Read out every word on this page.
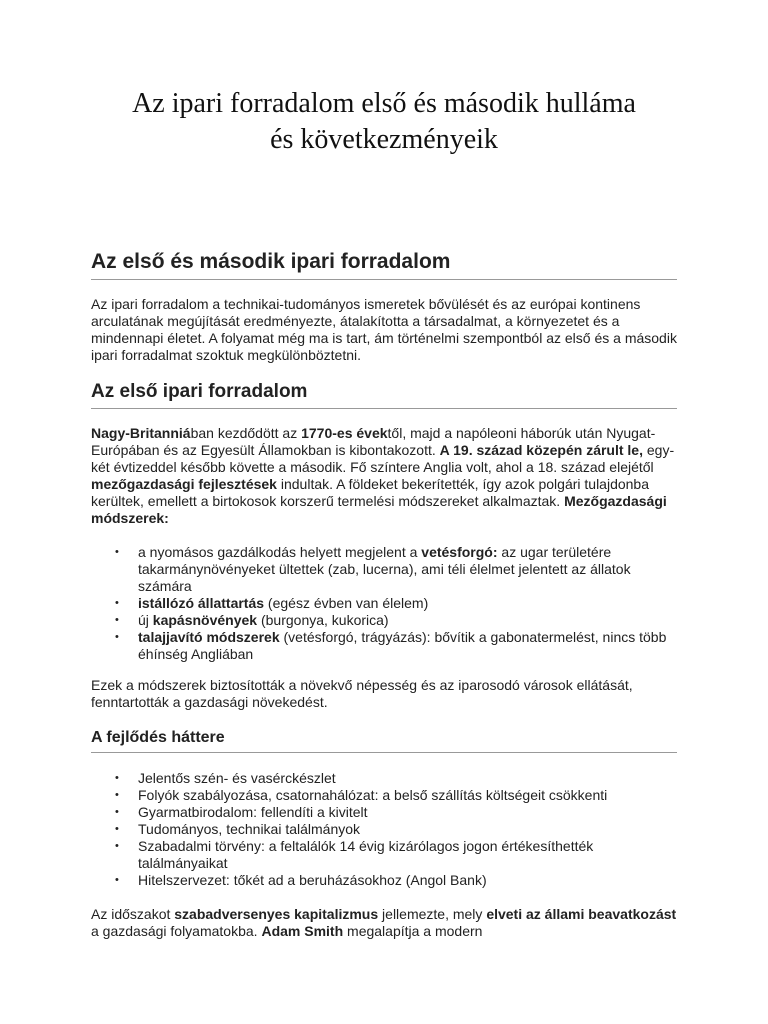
Az ipari forradalom első és második hulláma
és következményeik
Az első és második ipari forradalom

Az ipari forradalom a technikai-tudományos ismeretek bővülését és az európai kontinens arculatának megújítását eredményezte, átalakította a társadalmat, a környezetet és a mindennapi életet. A folyamat még ma is tart, ám történelmi szempontból az első és a második ipari forradalmat szoktuk megkülönböztetni.

Az első ipari forradalom

Nagy-Britanniában kezdődött az 1770-es évektől, majd a napóleoni háborúk után Nyugat-Európában és az Egyesült Államokban is kibontakozott. A 19. század közepén zárult le, egy-két évtizeddel később követte a második. Fő színtere Anglia volt, ahol a 18. század elejétől mezőgazdasági fejlesztések indultak. A földeket bekerítették, így azok polgári tulajdonba kerültek, emellett a birtokosok korszerű termelési módszereket alkalmaztak. Mezőgazdasági módszerek:

• a nyomásos gazdálkodás helyett megjelent a vetésforgó: az ugar területére takarmánynövényeket ültettek (zab, lucerna), ami téli élelmet jelentett az állatok számára
• istállózó állattartás (egész évben van élelem)
• új kapásnövények (burgonya, kukorica)
• talajjavító módszerek (vetésforgó, trágyázás): bővítik a gabonatermelést, nincs több éhínség Angliában

Ezek a módszerek biztosították a növekvő népesség és az iparosodó városok ellátását, fenntartották a gazdasági növekedést.

A fejlődés háttere
• Jelentős szén- és vasérckészlet
• Folyók szabályozása, csatornahálózat: a belső szállítás költségeit csökkenti
• Gyarmatbirodalom: fellendíti a kivitelt
• Tudományos, technikai találmányok
• Szabadalmi törvény: a feltalálók 14 évig kizárólagos jogon értékesíthették találmányaikat
• Hitelszervezet: tőkét ad a beruházásokhoz (Angol Bank)

Az időszakot szabadversenyes kapitalizmus jellemezte, mely elveti az állami beavatkozást a gazdasági folyamatokba. Adam Smith megalapítja a modern
